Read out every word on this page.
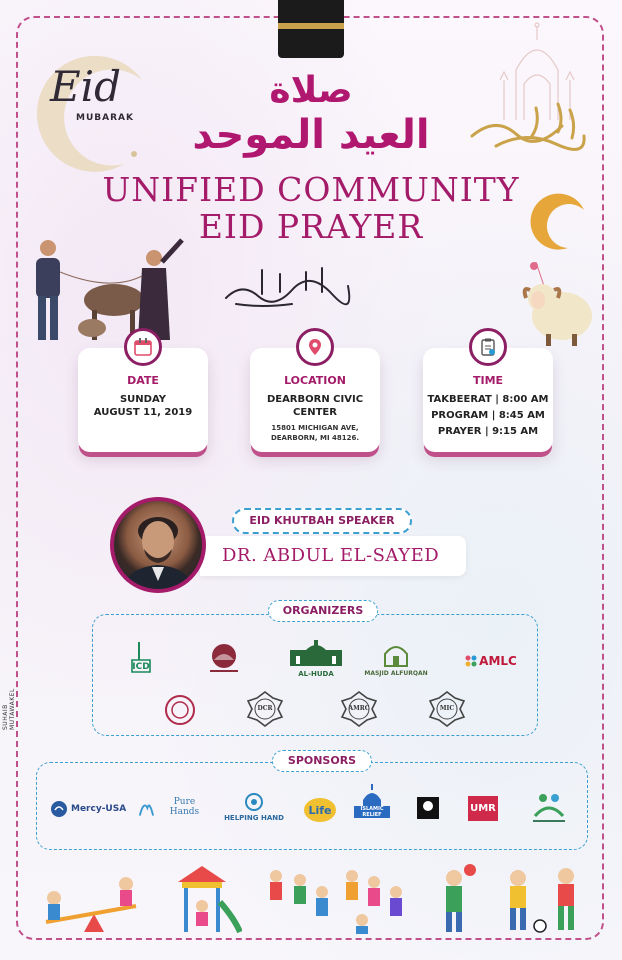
Eid
MUBARAK
صلاة
العيد الموحد
UNIFIED COMMUNITY
EID PRAYER
DATE
SUNDAY
AUGUST 11, 2019
LOCATION
DEARBORN CIVIC
CENTER
15801 MICHIGAN AVE,
DEARBORN, MI 48126.
TIME
TAKBEERAT | 8:00 AM
PROGRAM | 8:45 AM
PRAYER | 9:15 AM
EID KHUTBAH SPEAKER
DR. ABDUL EL-SAYED
ORGANIZERS
ICD
AL-HUDA	MASJID ALFURQAN
AMLC
DCR	AMRC	MIC
SPONSORS
Mercy-USA
Pure Hands
HELPING HAND
Life	ISLAMIC RELIEF
UMR
SUHAIB MUTAWAKEL
